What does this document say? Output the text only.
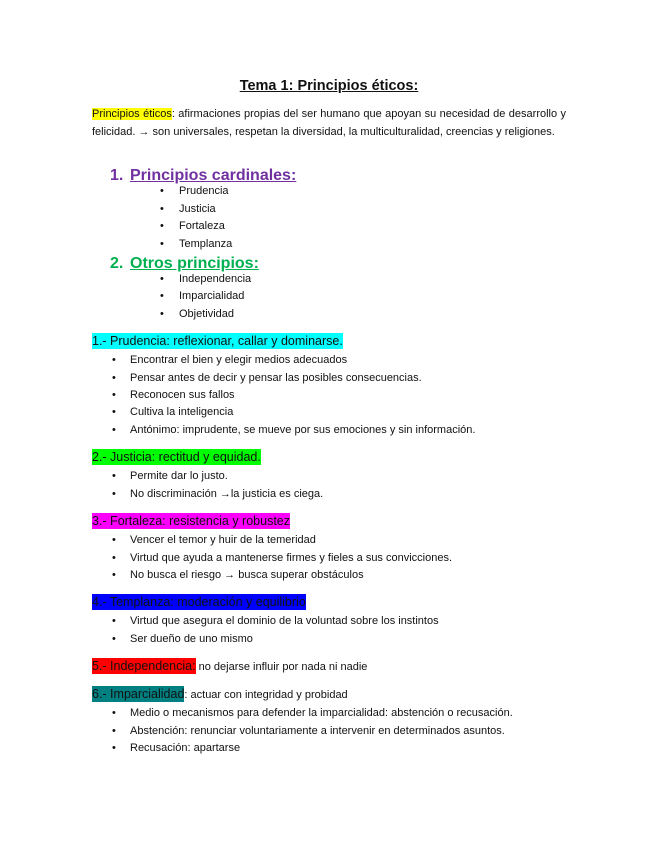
Tema 1: Principios éticos:
Principios éticos: afirmaciones propias del ser humano que apoyan su necesidad de desarrollo y felicidad. → son universales, respetan la diversidad, la multiculturalidad, creencias y religiones.
1. Principios cardinales:
• Prudencia
• Justicia
• Fortaleza
• Templanza
2. Otros principios:
• Independencia
• Imparcialidad
• Objetividad
1.- Prudencia: reflexionar, callar y dominarse.
• Encontrar el bien y elegir medios adecuados
• Pensar antes de decir y pensar las posibles consecuencias.
• Reconocen sus fallos
• Cultiva la inteligencia
• Antónimo: imprudente, se mueve por sus emociones y sin información.
2.- Justicia: rectitud y equidad.
• Permite dar lo justo.
• No discriminación →la justicia es ciega.
3.- Fortaleza: resistencia y robustez
• Vencer el temor y huir de la temeridad
• Virtud que ayuda a mantenerse firmes y fieles a sus convicciones.
• No busca el riesgo → busca superar obstáculos
4.- Templanza: moderación y equilibrio
• Virtud que asegura el dominio de la voluntad sobre los instintos
• Ser dueño de uno mismo
5.- Independencia: no dejarse influir por nada ni nadie
6.- Imparcialidad: actuar con integridad y probidad
• Medio o mecanismos para defender la imparcialidad: abstención o recusación.
• Abstención: renunciar voluntariamente a intervenir en determinados asuntos.
• Recusación: apartarse
